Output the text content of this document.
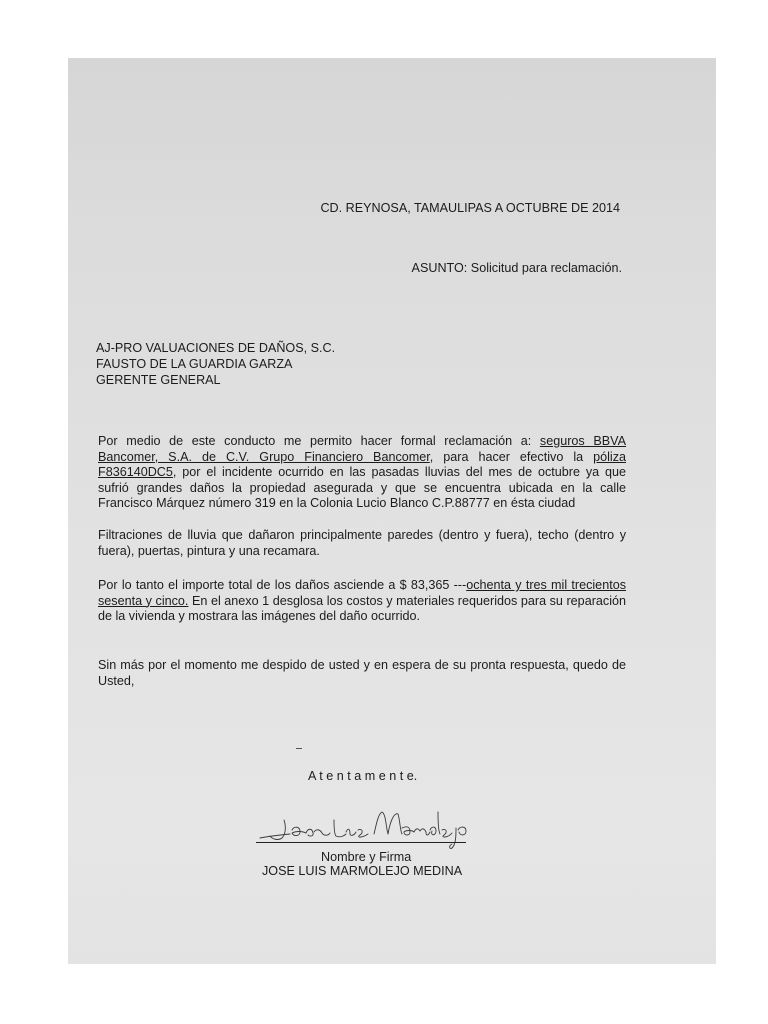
CD. REYNOSA, TAMAULIPAS A OCTUBRE DE 2014
ASUNTO: Solicitud para reclamación.
AJ-PRO VALUACIONES DE DAÑOS, S.C.
FAUSTO DE LA GUARDIA GARZA
GERENTE GENERAL
Por medio de este conducto me permito hacer formal reclamación a: seguros BBVA Bancomer, S.A. de C.V. Grupo Financiero Bancomer, para hacer efectivo la póliza F836140DC5, por el incidente ocurrido en las pasadas lluvias del mes de octubre ya que sufrió grandes daños la propiedad asegurada y que se encuentra ubicada en la calle Francisco Márquez número 319 en la Colonia Lucio Blanco C.P.88777 en ésta ciudad
Filtraciones de lluvia que dañaron principalmente paredes (dentro y fuera), techo (dentro y fuera), puertas, pintura y una recamara.
Por lo tanto el importe total de los daños asciende a $ 83,365 ---ochenta y tres mil trecientos sesenta y cinco. En el anexo 1 desglosa los costos y materiales requeridos para su reparación de la vivienda y mostrara las imágenes del daño ocurrido.
Sin más por el momento me despido de usted y en espera de su pronta respuesta, quedo de Usted,
A t e n t a m e n t e.
Nombre y Firma
JOSE LUIS MARMOLEJO MEDINA
